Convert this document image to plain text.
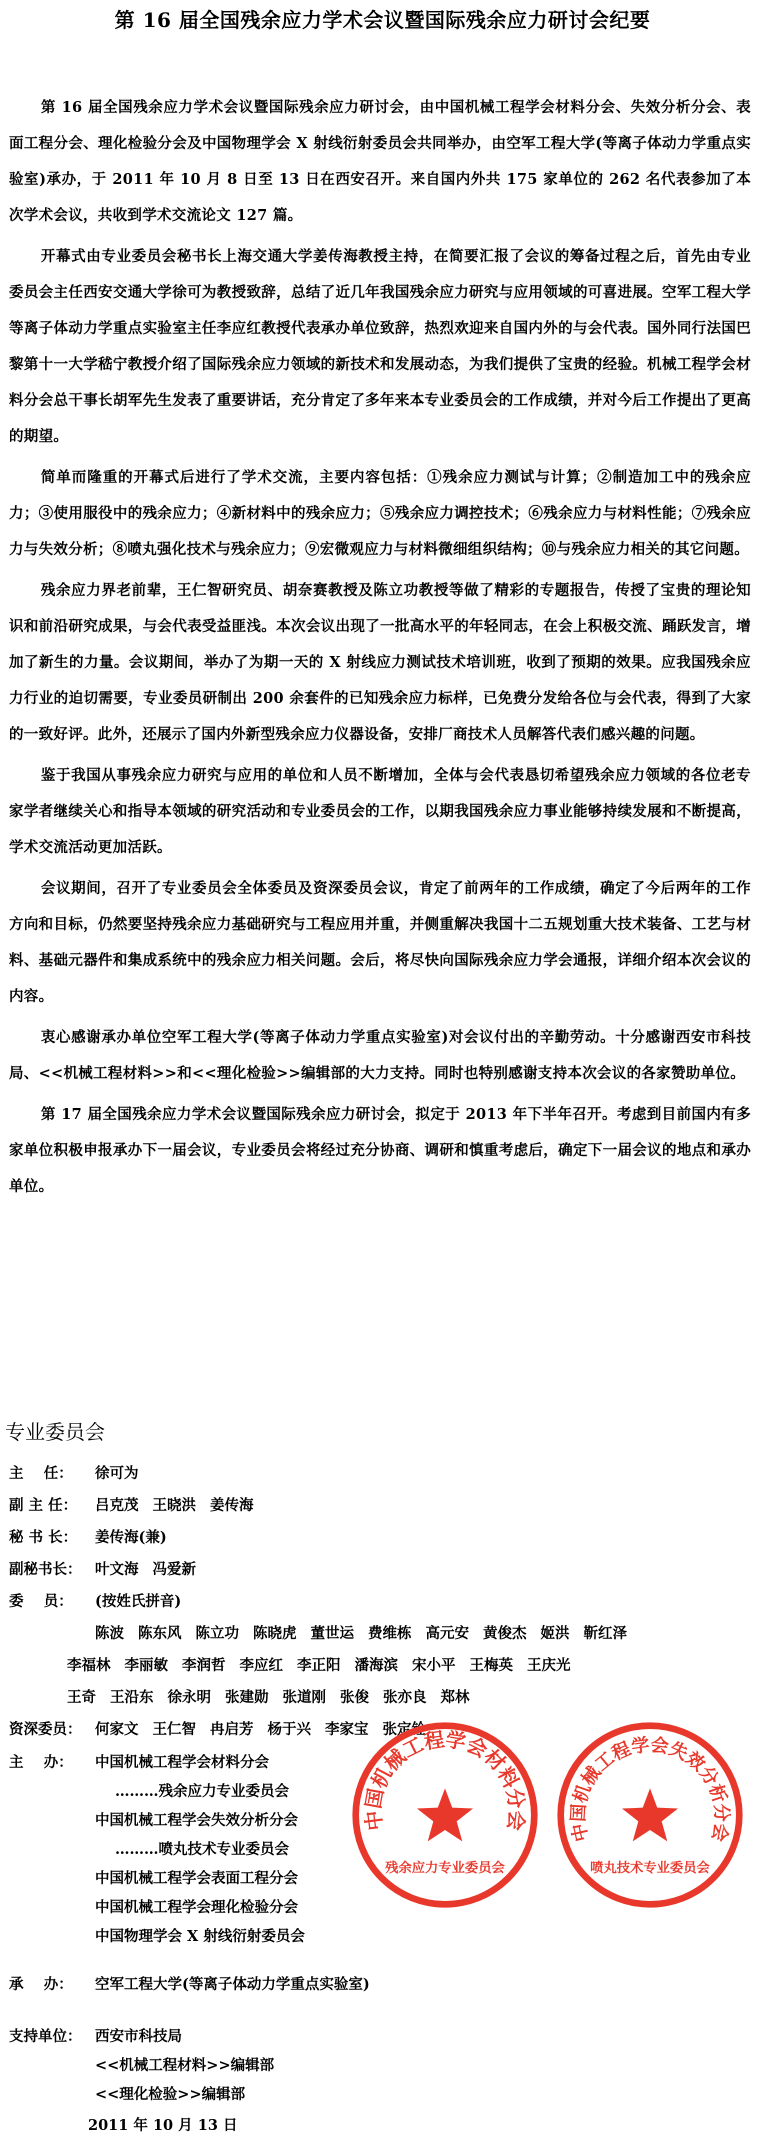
第 16 届全国残余应力学术会议暨国际残余应力研讨会纪要

第 16 届全国残余应力学术会议暨国际残余应力研讨会，由中国机械工程学会材料分会、失效分析分会、表面工程分会、理化检验分会及中国物理学会 X 射线衍射委员会共同举办，由空军工程大学(等离子体动力学重点实验室)承办，于 2011 年 10 月 8 日至 13 日在西安召开。来自国内外共 175 家单位的 262 名代表参加了本次学术会议，共收到学术交流论文 127 篇。

开幕式由专业委员会秘书长上海交通大学姜传海教授主持，在简要汇报了会议的筹备过程之后，首先由专业委员会主任西安交通大学徐可为教授致辞，总结了近几年我国残余应力研究与应用领域的可喜进展。空军工程大学等离子体动力学重点实验室主任李应红教授代表承办单位致辞，热烈欢迎来自国内外的与会代表。国外同行法国巴黎第十一大学嵇宁教授介绍了国际残余应力领域的新技术和发展动态，为我们提供了宝贵的经验。机械工程学会材料分会总干事长胡军先生发表了重要讲话，充分肯定了多年来本专业委员会的工作成绩，并对今后工作提出了更高的期望。

简单而隆重的开幕式后进行了学术交流，主要内容包括：①残余应力测试与计算；②制造加工中的残余应力；③使用服役中的残余应力；④新材料中的残余应力；⑤残余应力调控技术；⑥残余应力与材料性能；⑦残余应力与失效分析；⑧喷丸强化技术与残余应力；⑨宏微观应力与材料微细组织结构；⑩与残余应力相关的其它问题。

残余应力界老前辈，王仁智研究员、胡奈赛教授及陈立功教授等做了精彩的专题报告，传授了宝贵的理论知识和前沿研究成果，与会代表受益匪浅。本次会议出现了一批高水平的年轻同志，在会上积极交流、踊跃发言，增加了新生的力量。会议期间，举办了为期一天的 X 射线应力测试技术培训班，收到了预期的效果。应我国残余应力行业的迫切需要，专业委员研制出 200 余套件的已知残余应力标样，已免费分发给各位与会代表，得到了大家的一致好评。此外，还展示了国内外新型残余应力仪器设备，安排厂商技术人员解答代表们感兴趣的问题。

鉴于我国从事残余应力研究与应用的单位和人员不断增加，全体与会代表恳切希望残余应力领域的各位老专家学者继续关心和指导本领域的研究活动和专业委员会的工作，以期我国残余应力事业能够持续发展和不断提高，学术交流活动更加活跃。

会议期间，召开了专业委员会全体委员及资深委员会议，肯定了前两年的工作成绩，确定了今后两年的工作方向和目标，仍然要坚持残余应力基础研究与工程应用并重，并侧重解决我国十二五规划重大技术装备、工艺与材料、基础元器件和集成系统中的残余应力相关问题。会后，将尽快向国际残余应力学会通报，详细介绍本次会议的内容。

衷心感谢承办单位空军工程大学(等离子体动力学重点实验室)对会议付出的辛勤劳动。十分感谢西安市科技局、<<机械工程材料>>和<<理化检验>>编辑部的大力支持。同时也特别感谢支持本次会议的各家赞助单位。

第 17 届全国残余应力学术会议暨国际残余应力研讨会，拟定于 2013 年下半年召开。考虑到目前国内有多家单位积极申报承办下一届会议，专业委员会将经过充分协商、调研和慎重考虑后，确定下一届会议的地点和承办单位。

专业委员会
主    任：	徐可为
副 主 任：	吕克茂 王晓洪 姜传海
秘 书 长：	姜传海(兼)
副秘书长： 叶文海 冯爱新
委    员：	(按姓氏拼音)
陈波 陈东风 陈立功 陈晓虎 董世运 费维栋 高元安 黄俊杰 姬洪 靳红泽
李福林 李丽敏 李润哲 李应红 李正阳 潘海滨 宋小平 王梅英 王庆光
王奇 王沿东 徐永明 张建勋 张道刚 张俊 张亦良 郑林
资深委员： 何家文 王仁智 冉启芳 杨于兴 李家宝 张定铨
主    办：	中国机械工程学会材料分会
………残余应力专业委员会
中国机械工程学会失效分析分会
………喷丸技术专业委员会
中国机械工程学会表面工程分会
中国机械工程学会理化检验分会
中国物理学会 X 射线衍射委员会
中国机械工程学会材料分会
残余应力专业委员会
中国机械工程学会失效分析分会
喷丸技术专业委员会
承    办：	空军工程大学(等离子体动力学重点实验室)
支持单位： 西安市科技局
<<机械工程材料>>编辑部
<<理化检验>>编辑部
2011 年 10 月 13 日
